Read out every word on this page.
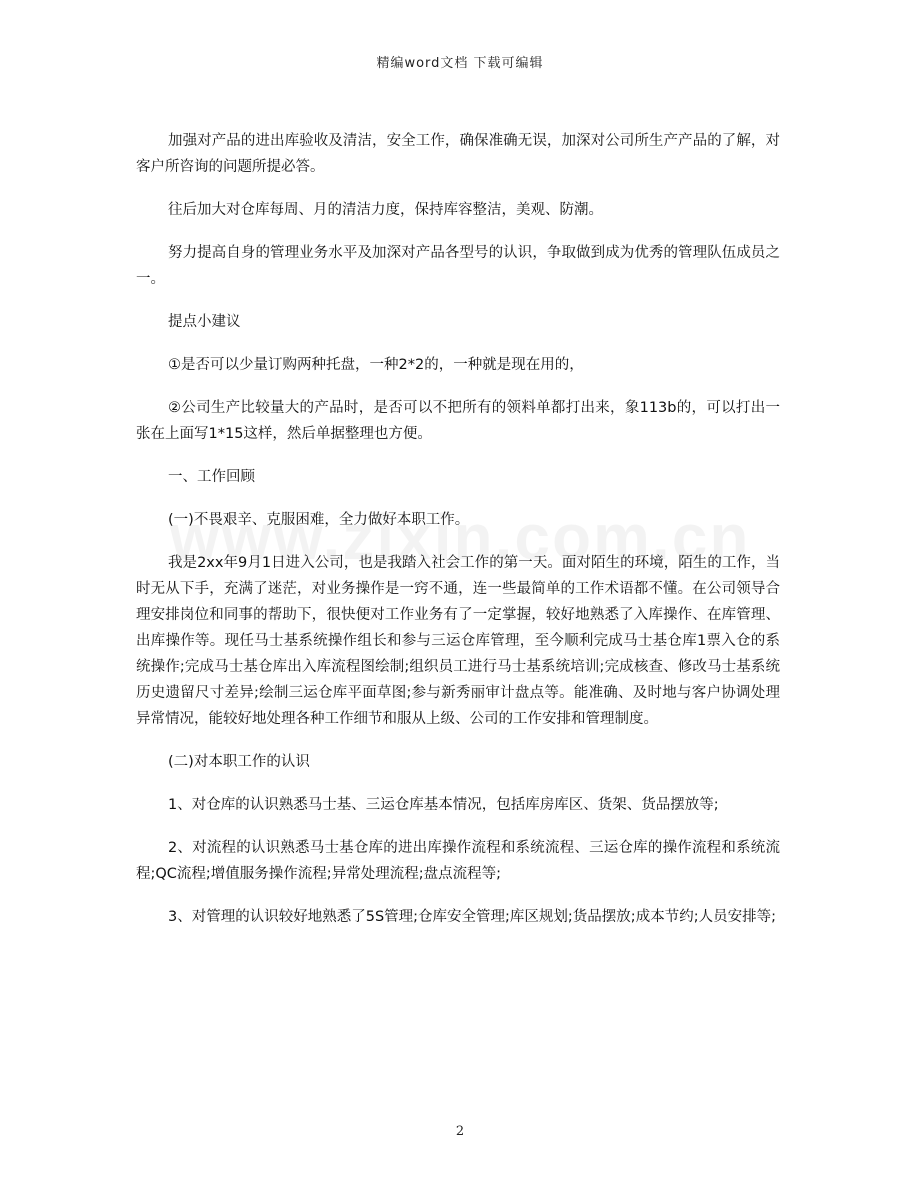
精编word文档 下载可编辑

加强对产品的进出库验收及清洁，安全工作，确保准确无误，加深对公司所生产产品的了解，对客户所咨询的问题所提必答。

往后加大对仓库每周、月的清洁力度，保持库容整洁，美观、防潮。

努力提高自身的管理业务水平及加深对产品各型号的认识，争取做到成为优秀的管理队伍成员之一。

提点小建议

①是否可以少量订购两种托盘，一种2*2的，一种就是现在用的，

②公司生产比较量大的产品时，是否可以不把所有的领料单都打出来，象113b的，可以打出一张在上面写1*15这样，然后单据整理也方便。

一、工作回顾

(一)不畏艰辛、克服困难，全力做好本职工作。

我是2xx年9月1日进入公司，也是我踏入社会工作的第一天。面对陌生的环境，陌生的工作，当时无从下手，充满了迷茫，对业务操作是一窍不通，连一些最简单的工作术语都不懂。在公司领导合理安排岗位和同事的帮助下，很快便对工作业务有了一定掌握，较好地熟悉了入库操作、在库管理、出库操作等。现任马士基系统操作组长和参与三运仓库管理，至今顺利完成马士基仓库1票入仓的系统操作;完成马士基仓库出入库流程图绘制;组织员工进行马士基系统培训;完成核查、修改马士基系统历史遗留尺寸差异;绘制三运仓库平面草图;参与新秀丽审计盘点等。能准确、及时地与客户协调处理异常情况，能较好地处理各种工作细节和服从上级、公司的工作安排和管理制度。

(二)对本职工作的认识

1、对仓库的认识熟悉马士基、三运仓库基本情况，包括库房库区、货架、货品摆放等;

2、对流程的认识熟悉马士基仓库的进出库操作流程和系统流程、三运仓库的操作流程和系统流程;QC流程;增值服务操作流程;异常处理流程;盘点流程等;

3、对管理的认识较好地熟悉了5S管理;仓库安全管理;库区规划;货品摆放;成本节约;人员安排等;

2
